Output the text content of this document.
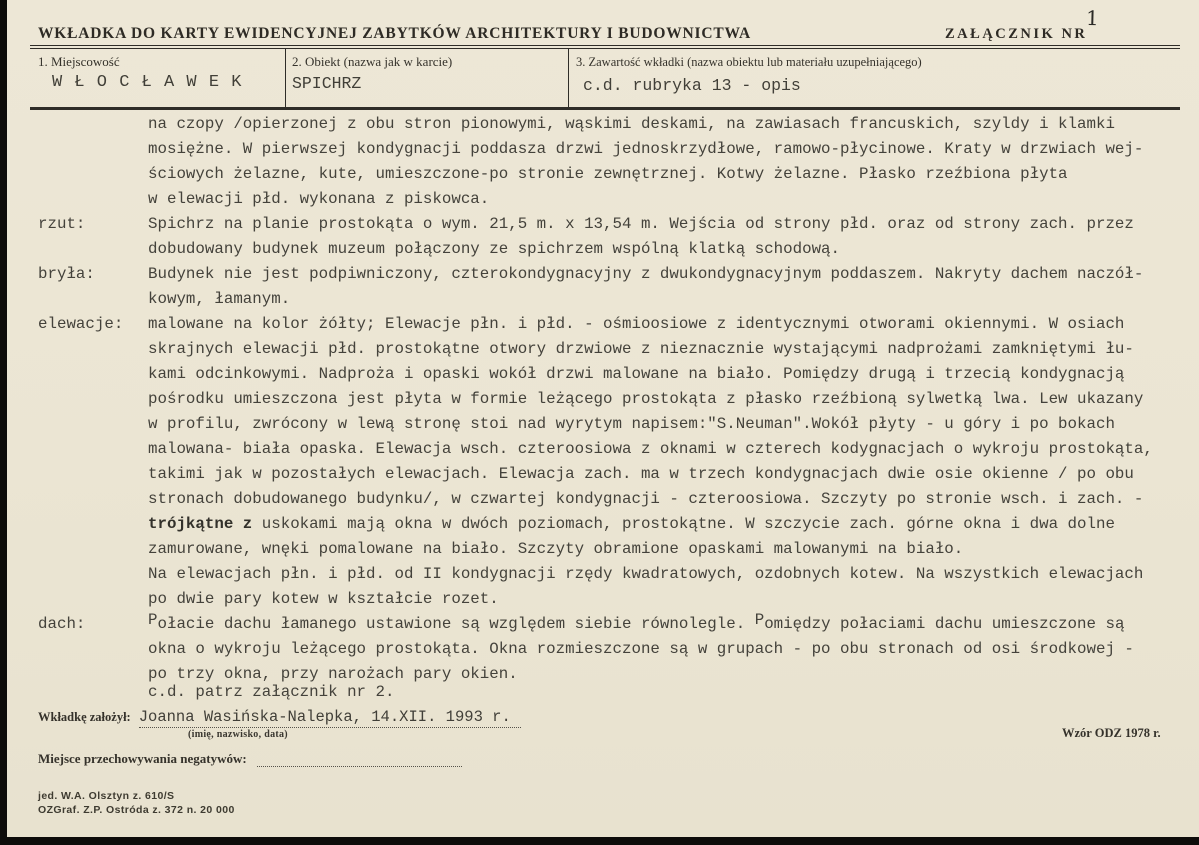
WKŁADKA DO KARTY EWIDENCYJNEJ ZABYTKÓW ARCHITEKTURY I BUDOWNICTWA	ZAŁĄCZNIK NR
1
1. Miejscowość
W Ł O C Ł A W E K
2. Obiekt (nazwa jak w karcie)
SPICHRZ
3. Zawartość wkładki (nazwa obiektu lub materiału uzupełniającego)
c.d. rubryka 13 - opis
na czopy /opierzonej z obu stron pionowymi, wąskimi deskami, na zawiasach francuskich, szyldy i klamki
mosiężne. W pierwszej kondygnacji poddasza drzwi jednoskrzydłowe, ramowo-płycinowe. Kraty w drzwiach wej-
ściowych żelazne, kute, umieszczone-po stronie zewnętrznej. Kotwy żelazne. Płasko rzeźbiona płyta
w elewacji płd. wykonana z piskowca.
rzut:	Spichrz na planie prostokąta o wym. 21,5 m. x 13,54 m. Wejścia od strony płd. oraz od strony zach. przez
dobudowany budynek muzeum połączony ze spichrzem wspólną klatką schodową.
bryła:	Budynek nie jest podpiwniczony, czterokondygnacyjny z dwukondygnacyjnym poddaszem. Nakryty dachem naczół-
kowym, łamanym.
elewacje:	malowane na kolor żółty; Elewacje płn. i płd. - ośmioosiowe z identycznymi otworami okiennymi. W osiach
skrajnych elewacji płd. prostokątne otwory drzwiowe z nieznacznie wystającymi nadprożami zamkniętymi łu-
kami odcinkowymi. Nadproża i opaski wokół drzwi malowane na biało. Pomiędzy drugą i trzecią kondygnacją
pośrodku umieszczona jest płyta w formie leżącego prostokąta z płasko rzeźbioną sylwetką lwa. Lew ukazany
w profilu, zwrócony w lewą stronę stoi nad wyrytym napisem:"S.Neuman".Wokół płyty - u góry i po bokach
malowana- biała opaska. Elewacja wsch. czteroosiowa z oknami w czterech kodygnacjach o wykroju prostokąta,
takimi jak w pozostałych elewacjach. Elewacja zach. ma w trzech kondygnacjach dwie osie okienne / po obu
stronach dobudowanego budynku/, w czwartej kondygnacji - czteroosiowa. Szczyty po stronie wsch. i zach. -
trójkątne z uskokami mają okna w dwóch poziomach, prostokątne. W szczycie zach. górne okna i dwa dolne
zamurowane, wnęki pomalowane na biało. Szczyty obramione opaskami malowanymi na biało.
Na elewacjach płn. i płd. od II kondygnacji rzędy kwadratowych, ozdobnych kotew. Na wszystkich elewacjach
po dwie pary kotew w kształcie rozet.
dach:	Połacie dachu łamanego ustawione są względem siebie równolegle. Pomiędzy połaciami dachu umieszczone są
okna o wykroju leżącego prostokąta. Okna rozmieszczone są w grupach - po obu stronach od osi środkowej -
po trzy okna, przy narożach pary okien.
c.d. patrz załącznik nr 2.
Wkładkę założył: Joanna Wasińska-Nalepka, 14.XII. 1993 r.
(imię, nazwisko, data)	Wzór ODZ 1978 r.
Miejsce przechowywania negatywów:
jed. W.A. Olsztyn z. 610/S
OZGraf. Z.P. Ostróda z. 372 n. 20 000
